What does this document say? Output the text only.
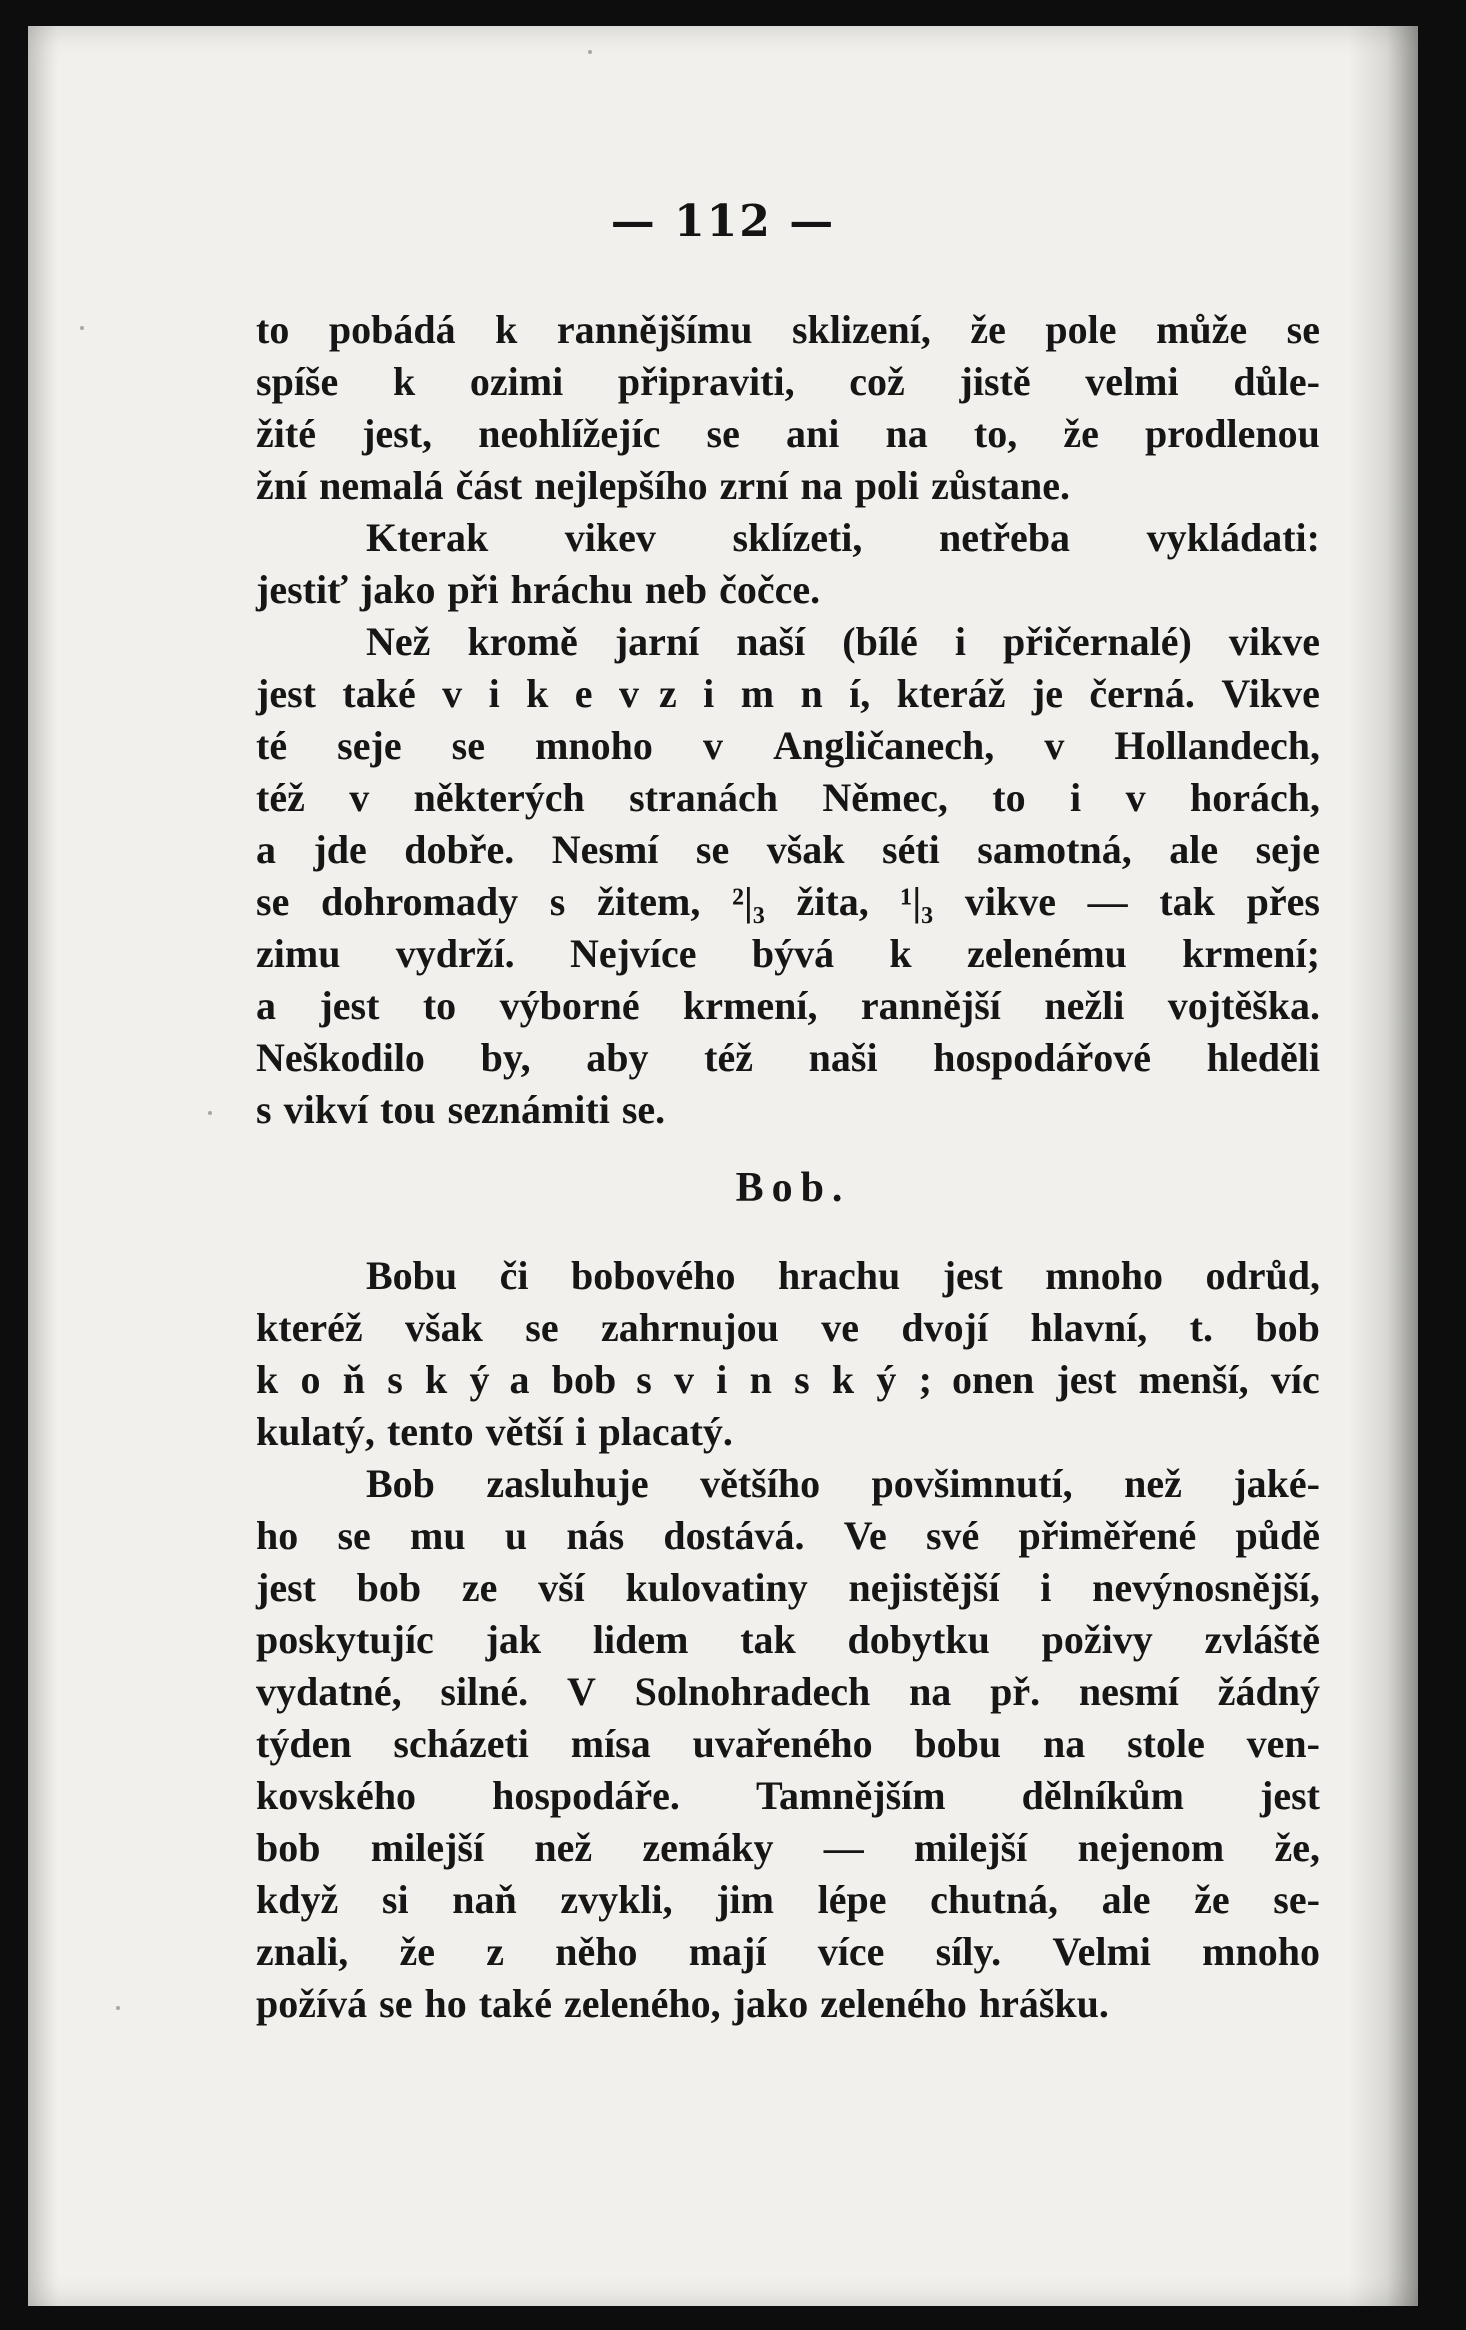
— 112 —
to pobádá k rannějšímu sklizení, že pole může se
spíše k ozimi připraviti, což jistě velmi důle-
žité jest, neohlížejíc se ani na to, že prodlenou
žní nemalá část nejlepšího zrní na poli zůstane.
Kterak vikev sklízeti, netřeba vykládati:
jestiť jako při hráchu neb čočce.
Než kromě jarní naší (bílé i přičernalé) vikve
jest také v i k e v  z i m n í, kteráž je černá. Vikve
té seje se mnoho v Angličanech, v Hollandech,
též v některých stranách Němec, to i v horách,
a jde dobře. Nesmí se však séti samotná, ale seje
se dohromady s žitem, ²|₃ žita, ¹|₃ vikve — tak přes
zimu vydrží. Nejvíce bývá k zelenému krmení;
a jest to výborné krmení, rannější nežli vojtěška.
Neškodilo by, aby též naši hospodářové hleděli
s vikví tou seznámiti se.
Bob.
Bobu či bobového hrachu jest mnoho odrůd,
kteréž však se zahrnujou ve dvojí hlavní, t. bob
k o ň s k ý  a bob  s v i n s k ý ;  onen jest menší, víc
kulatý, tento větší i placatý.
Bob zasluhuje většího povšimnutí, než jaké-
ho se mu u nás dostává. Ve své přiměřené půdě
jest bob ze vší kulovatiny nejistější i nevýnosnější,
poskytujíc jak lidem tak dobytku poživy zvláště
vydatné, silné. V Solnohradech na př. nesmí žádný
týden scházeti mísa uvařeného bobu na stole ven-
kovského hospodáře. Tamnějším dělníkům jest
bob milejší než zemáky — milejší nejenom že,
když si naň zvykli, jim lépe chutná, ale že se-
znali, že z něho mají více síly. Velmi mnoho
požívá se ho také zeleného, jako zeleného hrášku.
